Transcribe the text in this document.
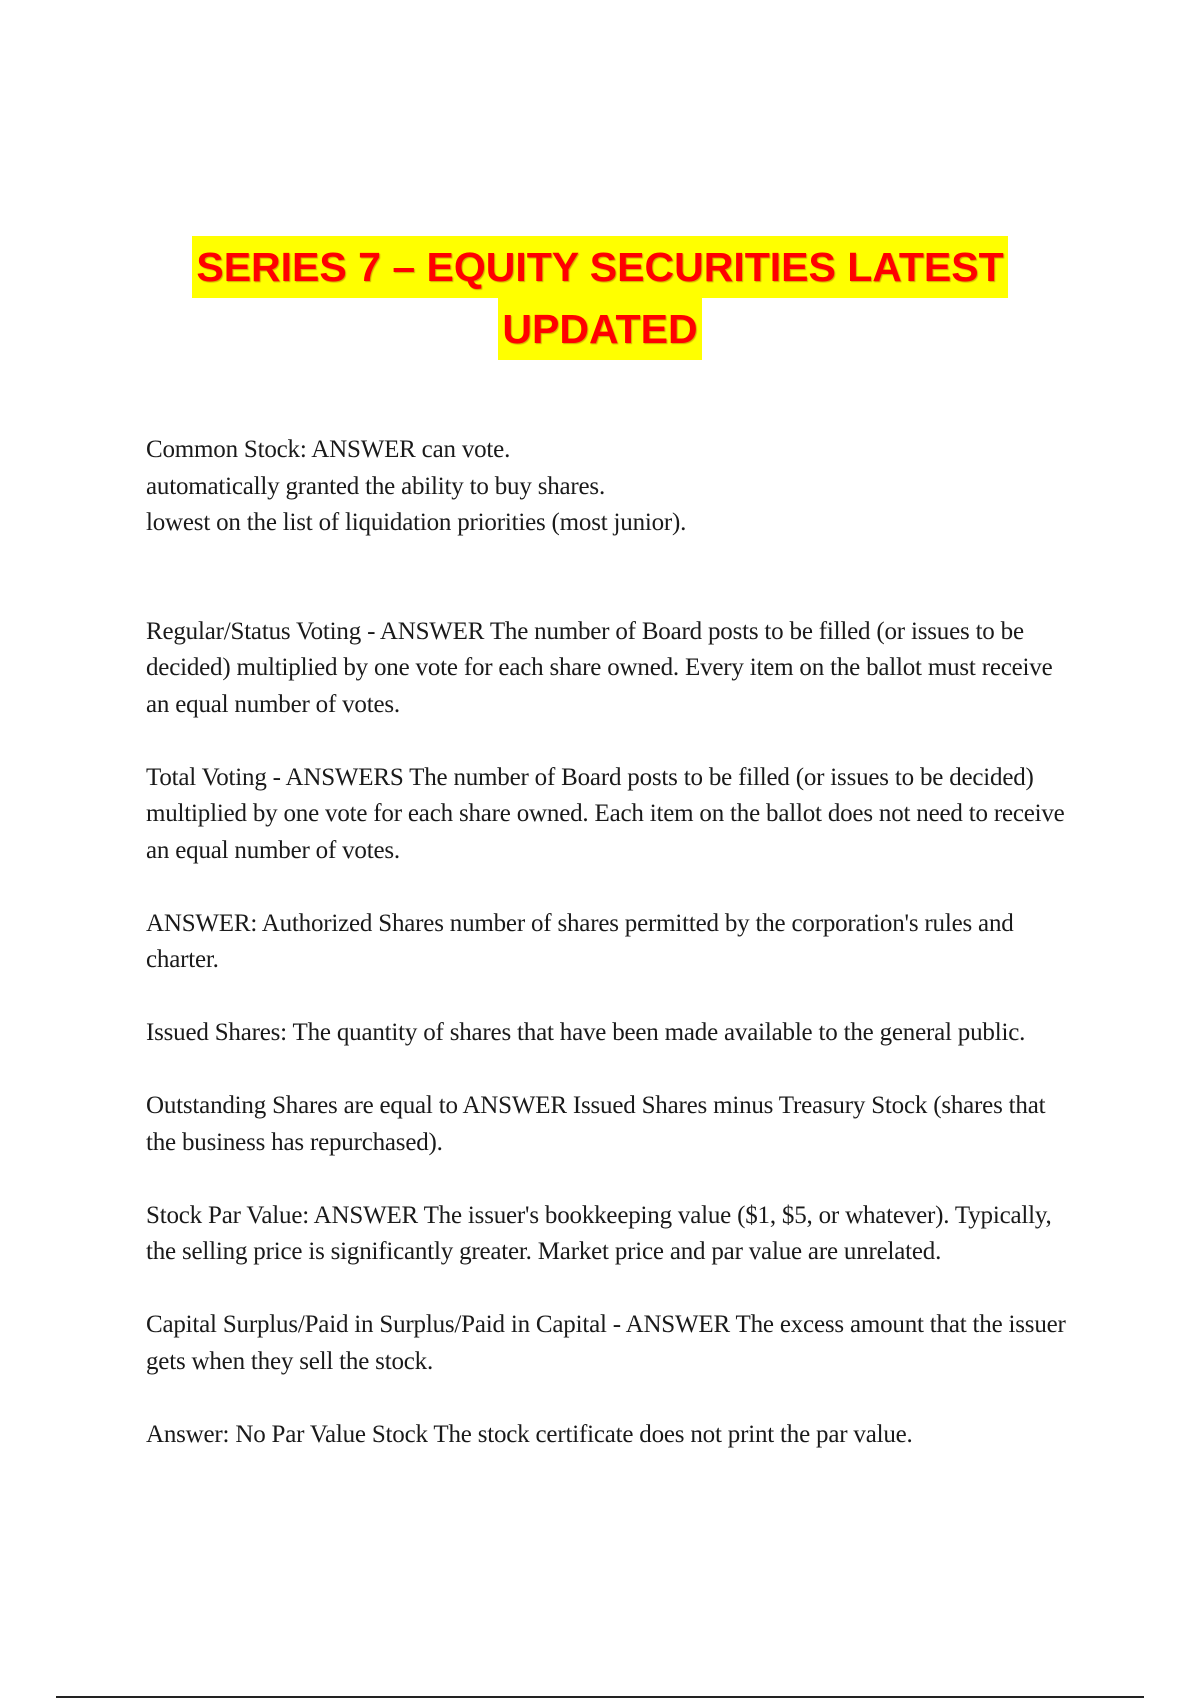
SERIES 7 – EQUITY SECURITIES LATEST
UPDATED

Common Stock: ANSWER can vote.

automatically granted the ability to buy shares.

lowest on the list of liquidation priorities (most junior).

Regular/Status Voting - ANSWER The number of Board posts to be filled (or issues to be decided) multiplied by one vote for each share owned. Every item on the ballot must receive an equal number of votes.

Total Voting - ANSWERS The number of Board posts to be filled (or issues to be decided) multiplied by one vote for each share owned. Each item on the ballot does not need to receive an equal number of votes.

ANSWER: Authorized Shares number of shares permitted by the corporation's rules and charter.

Issued Shares: The quantity of shares that have been made available to the general public.

Outstanding Shares are equal to ANSWER Issued Shares minus Treasury Stock (shares that the business has repurchased).

Stock Par Value: ANSWER The issuer's bookkeeping value ($1, $5, or whatever). Typically, the selling price is significantly greater. Market price and par value are unrelated.

Capital Surplus/Paid in Surplus/Paid in Capital - ANSWER The excess amount that the issuer gets when they sell the stock.

Answer: No Par Value Stock The stock certificate does not print the par value.
